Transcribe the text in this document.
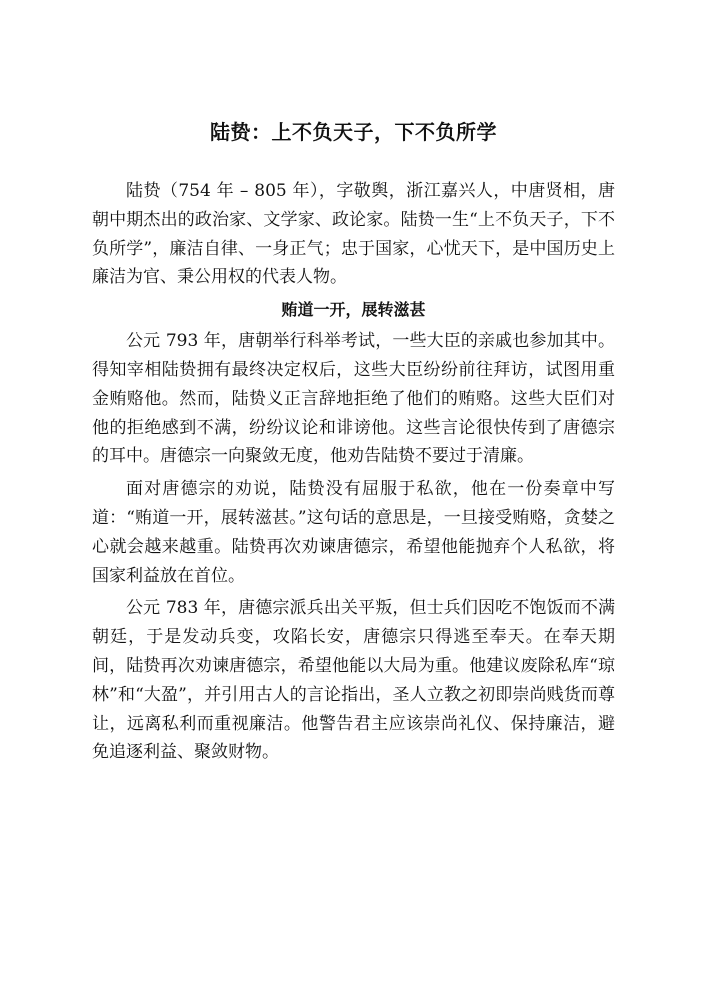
陆贽：上不负天子，下不负所学

陆贽（754 年 – 805 年），字敬舆，浙江嘉兴人，中唐贤相，唐朝中期杰出的政治家、文学家、政论家。陆贽一生“上不负天子，下不负所学”，廉洁自律、一身正气；忠于国家，心忧天下，是中国历史上廉洁为官、秉公用权的代表人物。

贿道一开，展转滋甚

公元 793 年，唐朝举行科举考试，一些大臣的亲戚也参加其中。得知宰相陆贽拥有最终决定权后，这些大臣纷纷前往拜访，试图用重金贿赂他。然而，陆贽义正言辞地拒绝了他们的贿赂。这些大臣们对他的拒绝感到不满，纷纷议论和诽谤他。这些言论很快传到了唐德宗的耳中。唐德宗一向聚敛无度，他劝告陆贽不要过于清廉。

面对唐德宗的劝说，陆贽没有屈服于私欲，他在一份奏章中写道：“贿道一开，展转滋甚。”这句话的意思是，一旦接受贿赂，贪婪之心就会越来越重。陆贽再次劝谏唐德宗，希望他能抛弃个人私欲，将国家利益放在首位。

公元 783 年，唐德宗派兵出关平叛，但士兵们因吃不饱饭而不满朝廷，于是发动兵变，攻陷长安，唐德宗只得逃至奉天。在奉天期间，陆贽再次劝谏唐德宗，希望他能以大局为重。他建议废除私库“琼林”和“大盈”，并引用古人的言论指出，圣人立教之初即崇尚贱货而尊让，远离私利而重视廉洁。他警告君主应该崇尚礼仪、保持廉洁，避免追逐利益、聚敛财物。
